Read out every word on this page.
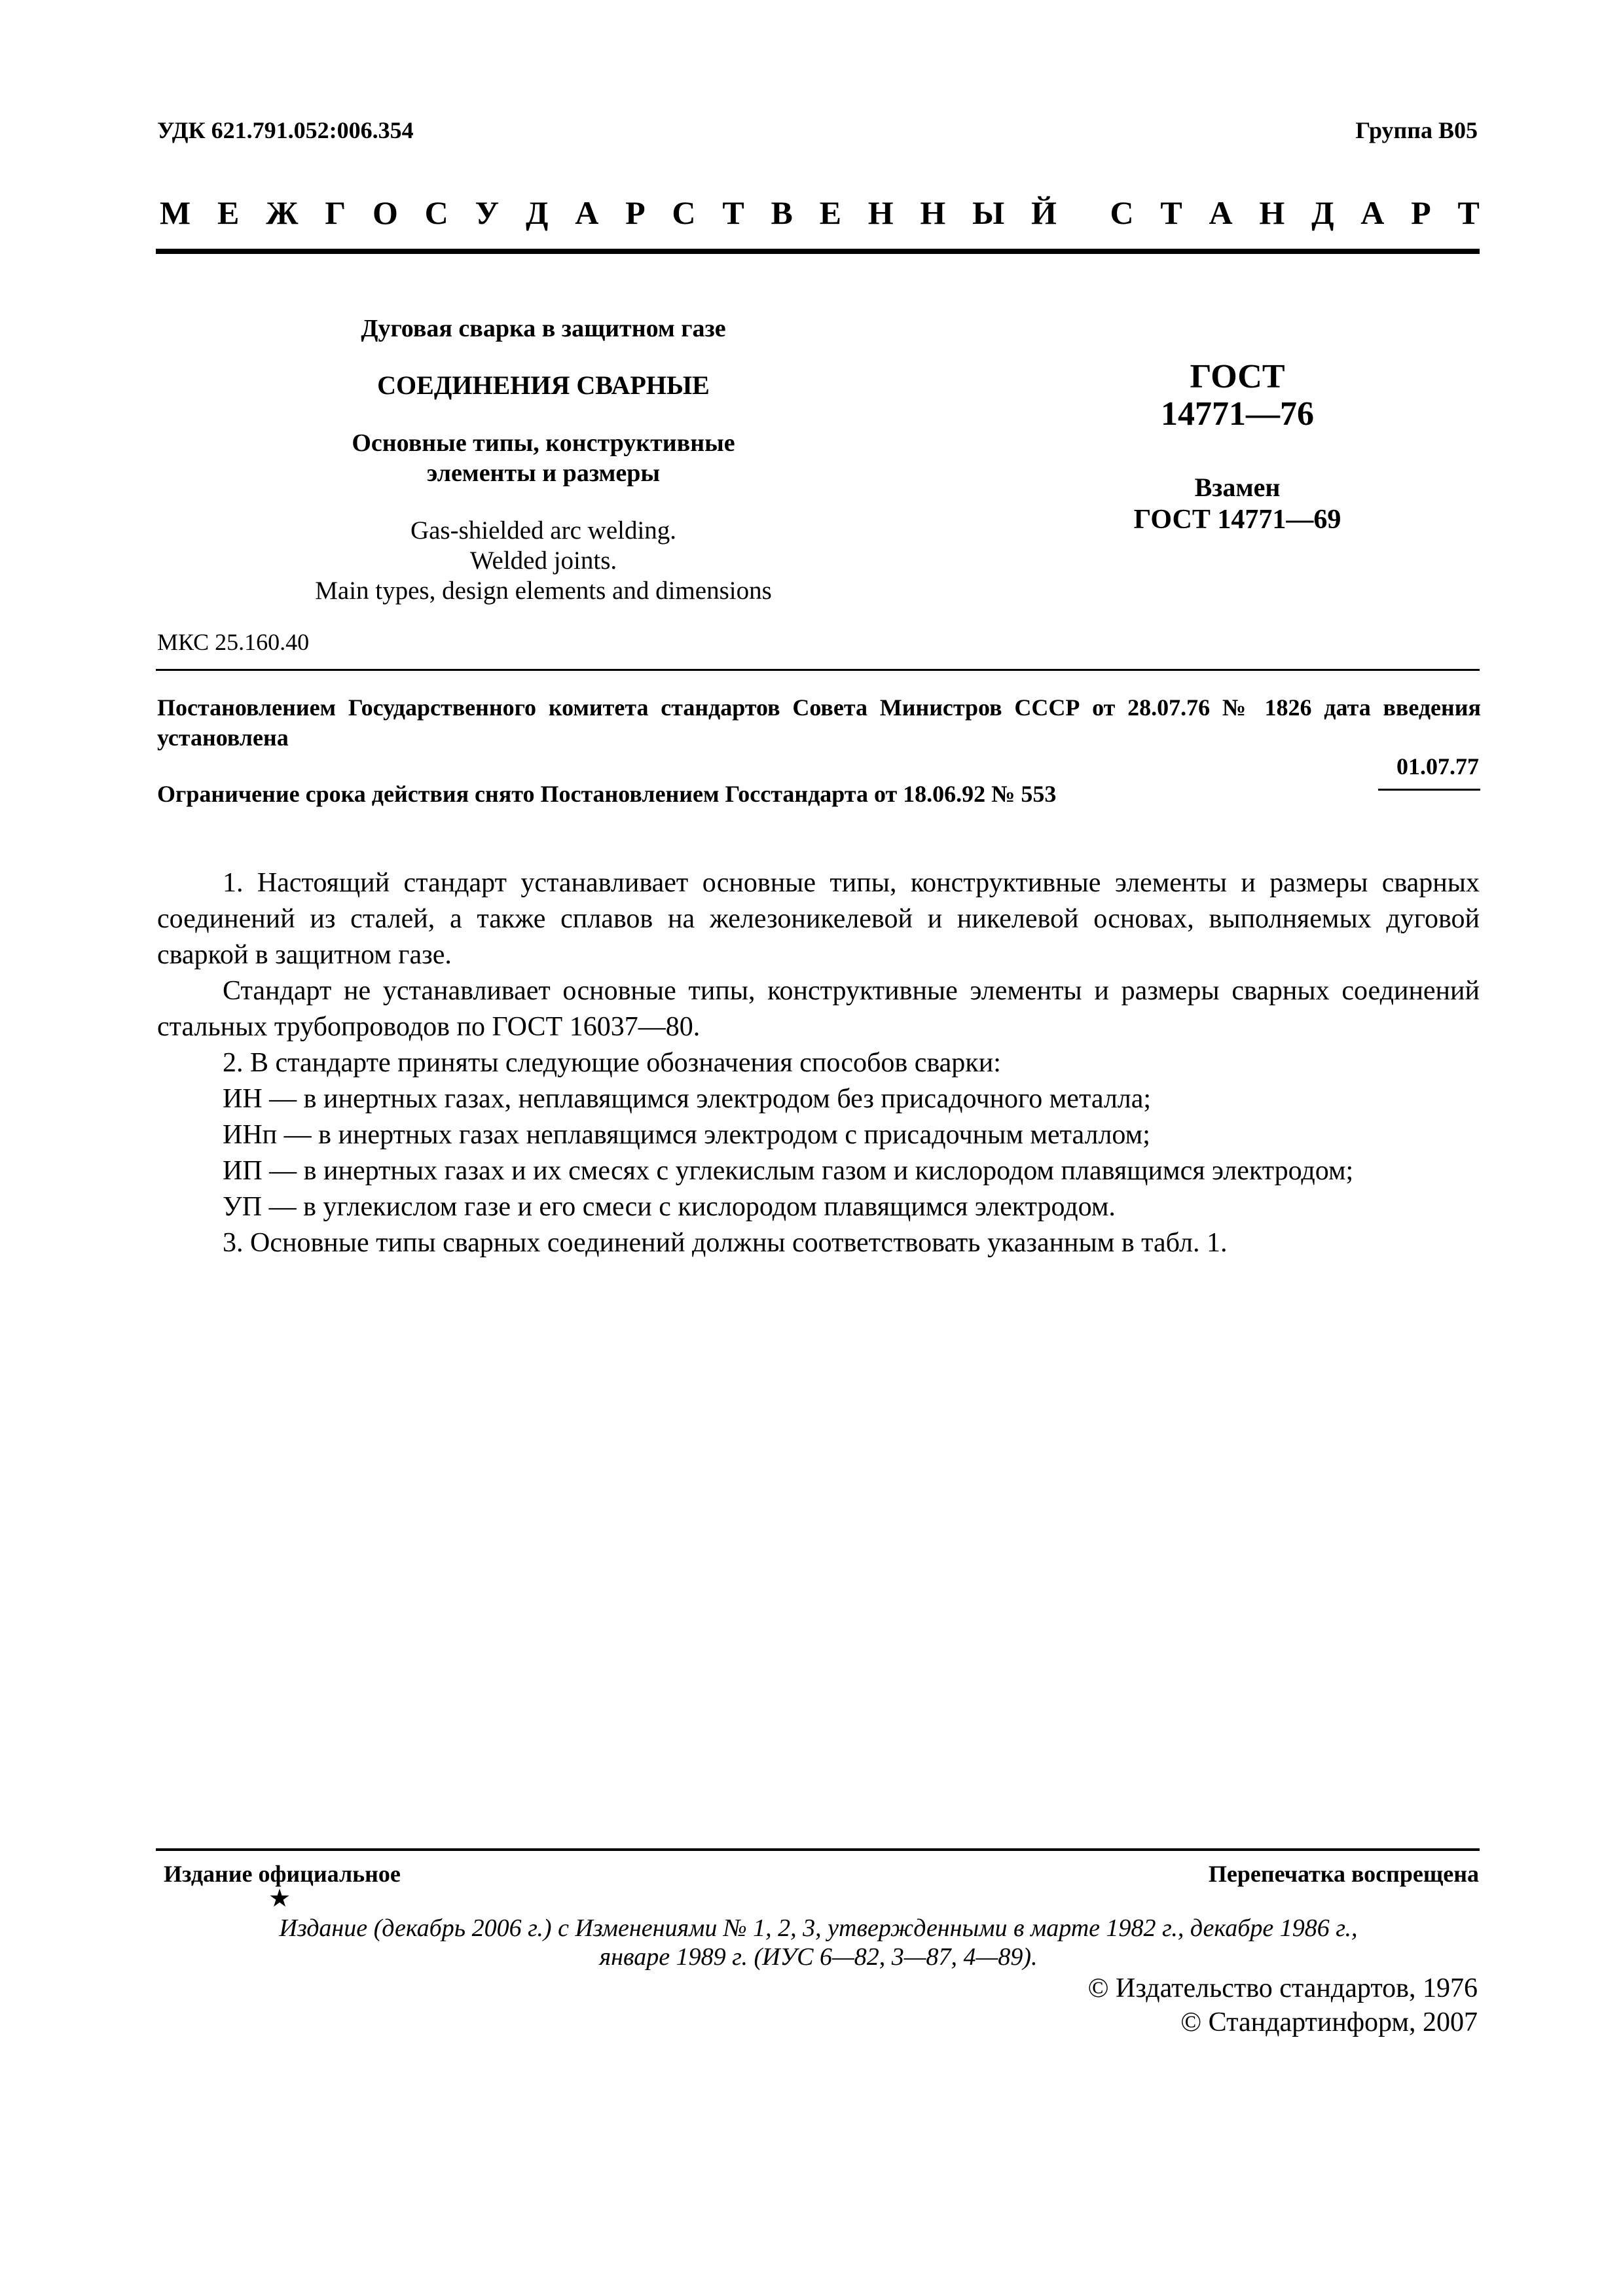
УДК 621.791.052:006.354	Группа В05
М Е Ж Г О С У Д А Р С Т В Е Н Н Ы Й С Т А Н Д А Р Т
Дуговая сварка в защитном газе
СОЕДИНЕНИЯ СВАРНЫЕ
Основные типы, конструктивные
элементы и размеры
Gas-shielded arc welding.
Welded joints.
Main types, design elements and dimensions
ГОСТ
14771—76
Взамен
ГОСТ 14771—69
МКС 25.160.40
Постановлением Государственного комитета стандартов Совета Министров СССР от 28.07.76 № 1826 дата введения установлена
01.07.77
Ограничение срока действия снято Постановлением Госстандарта от 18.06.92 № 553

1. Настоящий стандарт устанавливает основные типы, конструктивные элементы и размеры сварных соединений из сталей, а также сплавов на железоникелевой и никелевой основах, выполняемых дуговой сваркой в защитном газе.

Стандарт не устанавливает основные типы, конструктивные элементы и размеры сварных соединений стальных трубопроводов по ГОСТ 16037—80.

2. В стандарте приняты следующие обозначения способов сварки:

ИН — в инертных газах, неплавящимся электродом без присадочного металла;

ИНп — в инертных газах неплавящимся электродом с присадочным металлом;

ИП — в инертных газах и их смесях с углекислым газом и кислородом плавящимся электродом;

УП — в углекислом газе и его смеси с кислородом плавящимся электродом.

3. Основные типы сварных соединений должны соответствовать указанным в табл. 1.

Издание официальное	Перепечатка воспрещена
★
Издание (декабрь 2006 г.) с Изменениями № 1, 2, 3, утвержденными в марте 1982 г., декабре 1986 г.,
январе 1989 г. (ИУС 6—82, 3—87, 4—89).
© Издательство стандартов, 1976
© Стандартинформ, 2007
